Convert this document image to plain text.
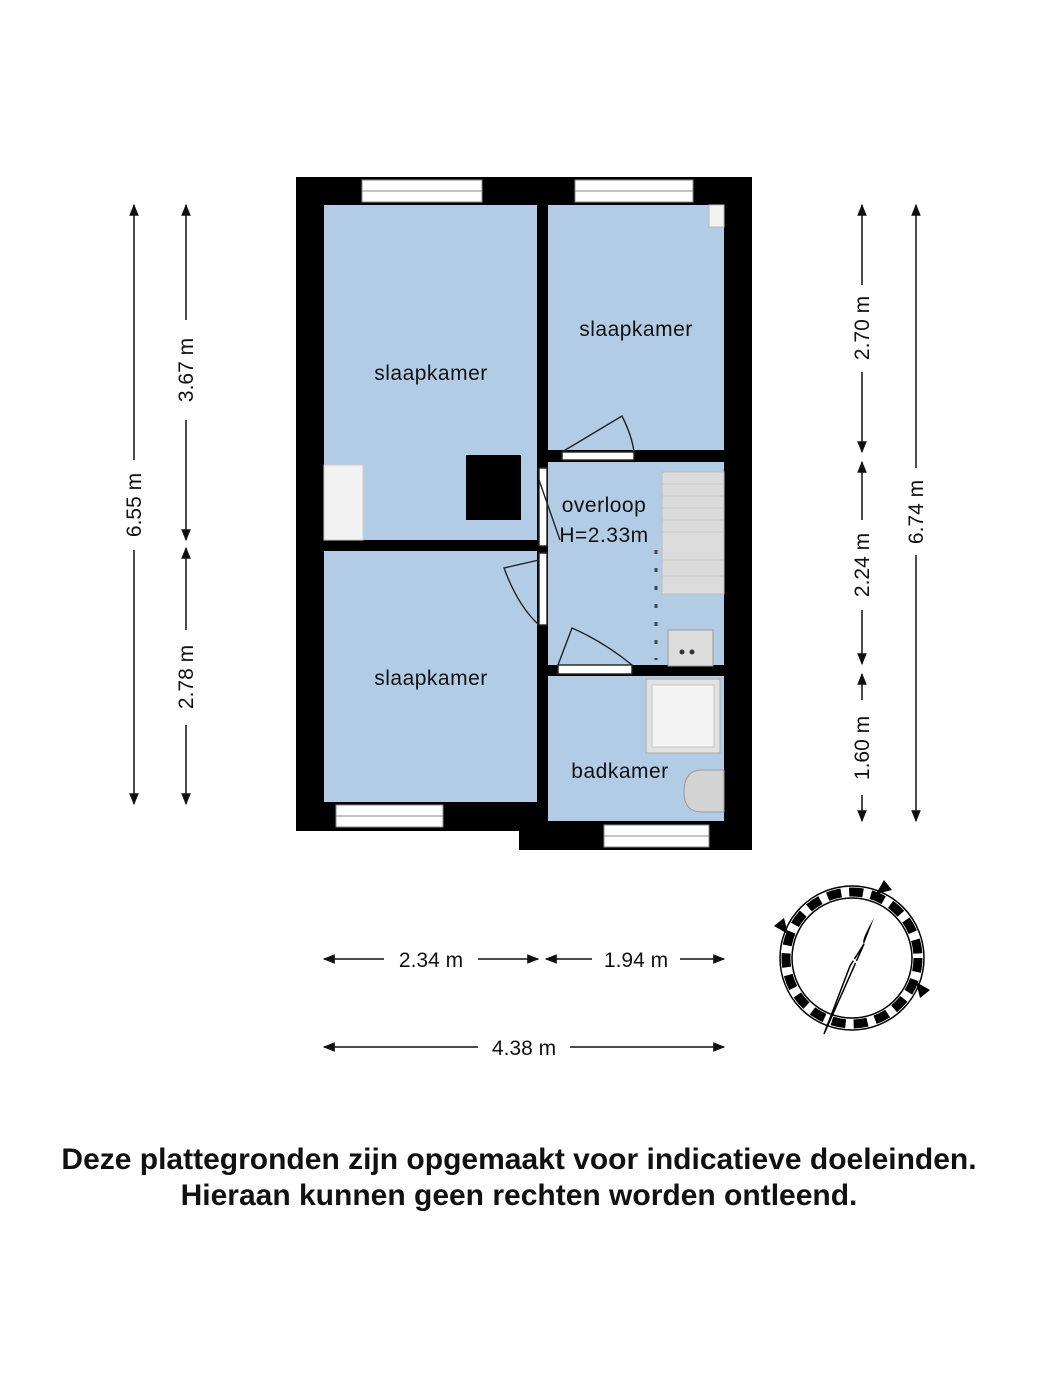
slaapkamer
slaapkamer
overloop
H=2.33m
slaapkamer
badkamer
6.55 m
3.67 m
2.78 m
2.70 m
2.24 m
1.60 m
6.74 m
2.34 m	1.94 m
4.38 m
Deze plattegronden zijn opgemaakt voor indicatieve doeleinden.
Hieraan kunnen geen rechten worden ontleend.
